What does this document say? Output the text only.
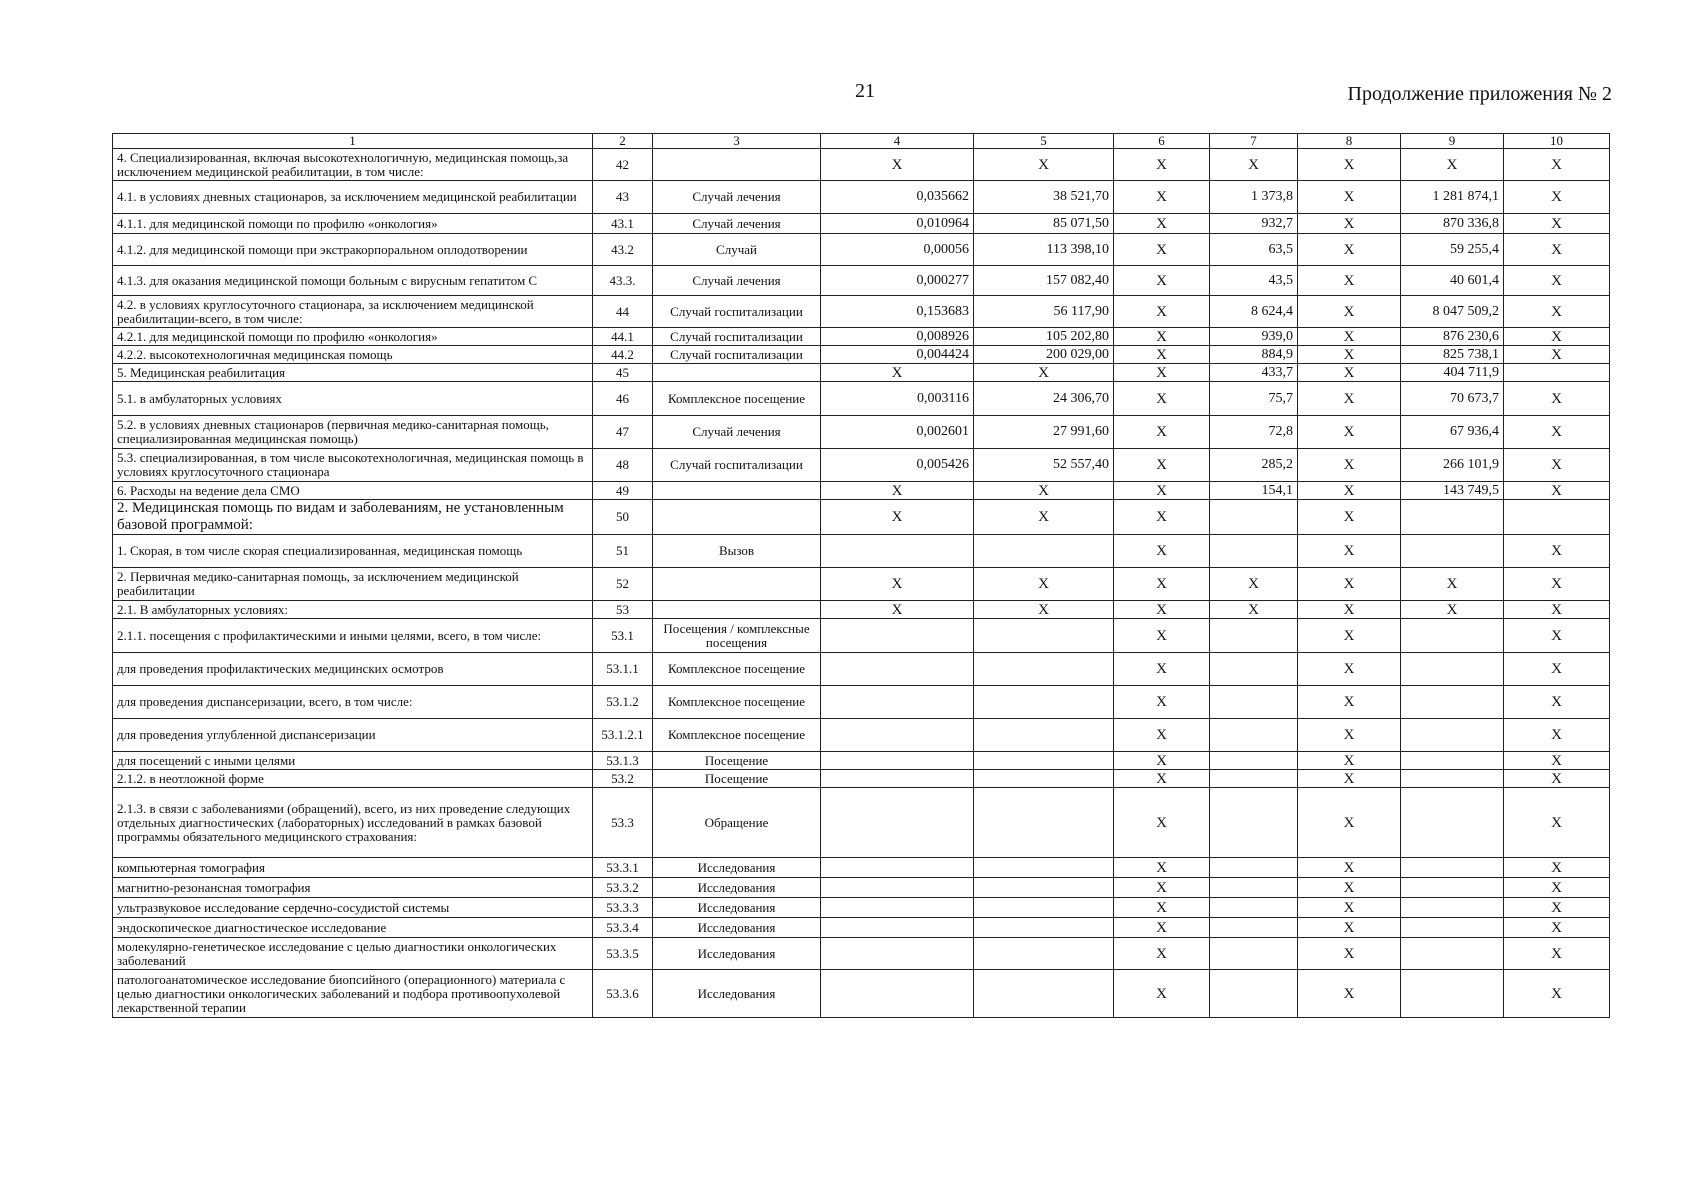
21	Продолжение приложения № 2
1	2	3	4	5	6	7	8	9	10
4. Специализированная, включая высокотехнологичную, медицинская помощь,за исключением медицинской реабилитации, в том числе:	42		X	X	X	X	X	X	X
4.1. в условиях дневных стационаров, за исключением медицинской реабилитации	43	Случай лечения	0,035662	38 521,70	X	1 373,8	X	1 281 874,1	X
4.1.1. для медицинской помощи по профилю «онкология»	43.1	Случай лечения	0,010964	85 071,50	X	932,7	X	870 336,8	X
4.1.2. для медицинской помощи при экстракорпоральном оплодотворении	43.2	Случай	0,00056	113 398,10	X	63,5	X	59 255,4	X
4.1.3. для оказания медицинской помощи больным с вирусным гепатитом С	43.3.	Случай лечения	0,000277	157 082,40	X	43,5	X	40 601,4	X
4.2. в условиях круглосуточного стационара, за исключением медицинской реабилитации-всего, в том числе:	44	Случай госпитализации	0,153683	56 117,90	X	8 624,4	X	8 047 509,2	X
4.2.1. для медицинской помощи по профилю «онкология»	44.1	Случай госпитализации	0,008926	105 202,80	X	939,0	X	876 230,6	X
4.2.2. высокотехнологичная медицинская помощь	44.2	Случай госпитализации	0,004424	200 029,00	X	884,9	X	825 738,1	X
5. Медицинская реабилитация	45		X	X	X	433,7	X	404 711,9	
5.1. в амбулаторных условиях	46	Комплексное посещение	0,003116	24 306,70	X	75,7	X	70 673,7	X
5.2. в условиях дневных стационаров (первичная медико-санитарная помощь, специализированная медицинская помощь)	47	Случай лечения	0,002601	27 991,60	X	72,8	X	67 936,4	X
5.3. специализированная, в том числе высокотехнологичная, медицинская помощь в условиях круглосуточного стационара	48	Случай госпитализации	0,005426	52 557,40	X	285,2	X	266 101,9	X
6. Расходы на ведение дела СМО	49		X	X	X	154,1	X	143 749,5	X
2. Медицинская помощь по видам и заболеваниям, не установленным базовой программой:	50		X	X	X		X		
1. Скорая, в том числе скорая специализированная, медицинская помощь	51	Вызов			X		X		X
2. Первичная медико-санитарная помощь, за исключением медицинской реабилитации	52		X	X	X	X	X	X	X
2.1. В амбулаторных условиях:	53		X	X	X	X	X	X	X
2.1.1. посещения с профилактическими и иными целями, всего, в том числе:	53.1	Посещения / комплексные посещения			X		X		X
для проведения профилактических медицинских осмотров	53.1.1	Комплексное посещение			X		X		X
для проведения диспансеризации, всего, в том числе:	53.1.2	Комплексное посещение			X		X		X
для проведения углубленной диспансеризации	53.1.2.1	Комплексное посещение			X		X		X
для посещений с иными целями	53.1.3	Посещение			X		X		X
2.1.2. в неотложной форме	53.2	Посещение			X		X		X
2.1.3. в связи с заболеваниями (обращений), всего, из них проведение следующих отдельных диагностических (лабораторных) исследований в рамках базовой программы обязательного медицинского страхования:	53.3	Обращение			X		X		X
компьютерная томография	53.3.1	Исследования			X		X		X
магнитно-резонансная томография	53.3.2	Исследования			X		X		X
ультразвуковое исследование сердечно-сосудистой системы	53.3.3	Исследования			X		X		X
эндоскопическое диагностическое исследование	53.3.4	Исследования			X		X		X
молекулярно-генетическое исследование с целью диагностики онкологических заболеваний	53.3.5	Исследования			X		X		X
патологоанатомическое исследование биопсийного (операционного) материала с целью диагностики онкологических заболеваний и подбора противоопухолевой лекарственной терапии	53.3.6	Исследования			X		X		X
